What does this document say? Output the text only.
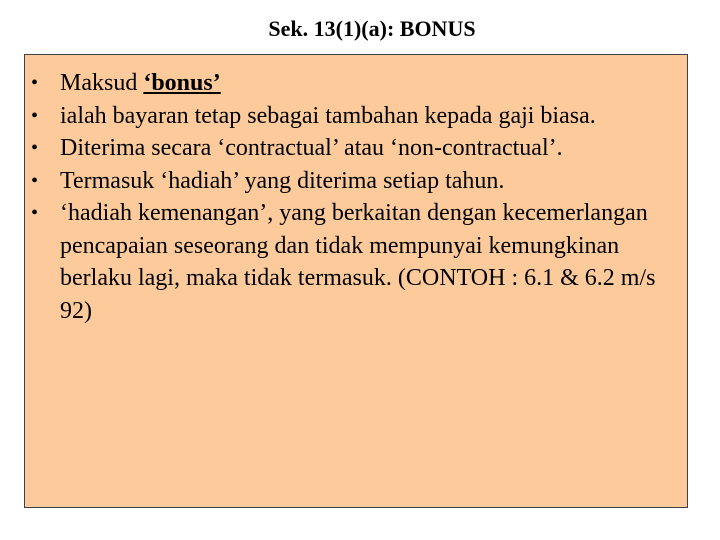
Sek. 13(1)(a): BONUS
• Maksud ‘bonus’
• ialah bayaran tetap sebagai tambahan kepada gaji biasa.
• Diterima secara ‘contractual’ atau ‘non-contractual’.
• Termasuk ‘hadiah’ yang diterima setiap tahun.
• ‘hadiah kemenangan’, yang berkaitan dengan kecemerlangan pencapaian seseorang dan tidak mempunyai kemungkinan berlaku lagi, maka tidak termasuk. (CONTOH : 6.1 & 6.2 m/s 92)
